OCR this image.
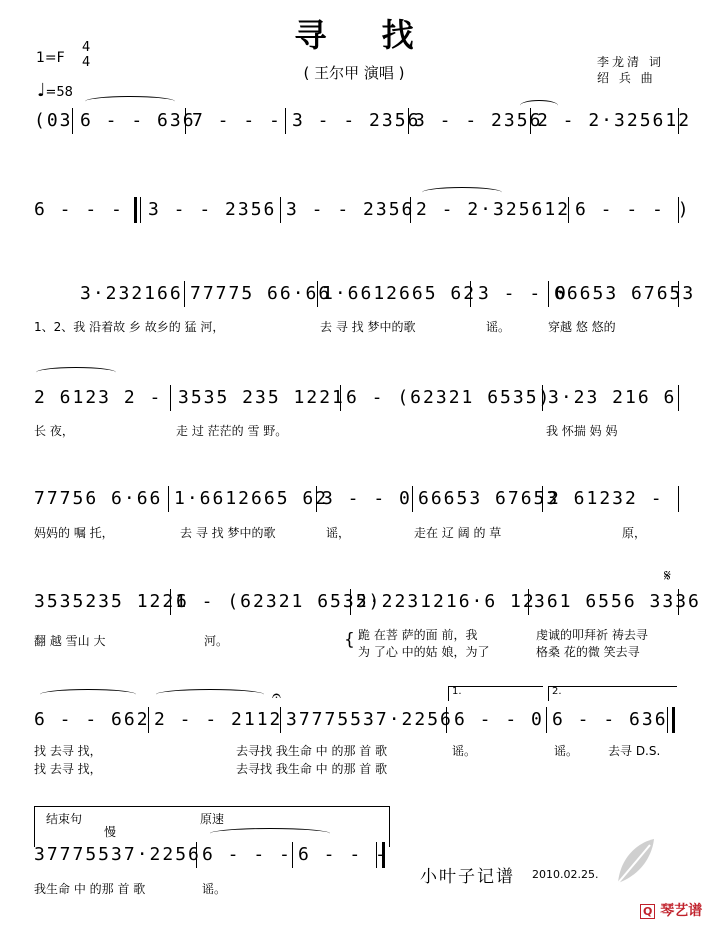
寻 找
( 王尔甲 演唱 )
李龙清 词
绍 兵 曲
1=F
4
4
♩=58
(03 6 - - 636
7 - - - 3 - - 2356
3 - - 2356
2 - 2·325612
6 - - - 3 - - 2356 3 - - 2356 2 - 2·325612 6 - - - )
3·232166 77775 66·66
1·6612665 62 3 - - 0
66653 67653
1、2、我 沿着故 乡 故乡的 猛 河，	去 寻 找 梦中的歌	谣。	穿越 悠 悠的
2 6123 2 - 3535 235 1221 6 - (62321 6535)
3·23 216 6
长 夜，	走 过 茫茫的 雪 野。	我 怀揣 妈 妈
77756 6·66 1·6612665 62
3 - - 0 66653 67653
2 61232 -
妈妈的 嘱 托，	去 寻 找 梦中的歌	谣，	走在 辽 阔 的 草	原，
3535235 1221
6 - (62321 6535)
2·2231216·6 12
361 6556 3336
𝄋
翻 越 雪山 大	河。	{ 跪 在菩 萨的面 前，我	虔诚的叩拜祈 祷去寻
为 了心 中的姑 娘，为了	格桑 花的微 笑去寻
1.	2.
𝄐
6 - - 662 2 - - 2112 37775537·2256 6 - - 0 6 - - 636
找 去寻 找，	去寻找 我生命 中 的那 首 歌	谣。	谣。 去寻 D.S.
找 去寻 找，	去寻找 我生命 中 的那 首 歌
结束句	原速
慢
37775537·2256 6 - - - 6 - - -
我生命 中 的那 首 歌	谣。
小叶子记谱 2010.02.25.
Q 琴艺谱
